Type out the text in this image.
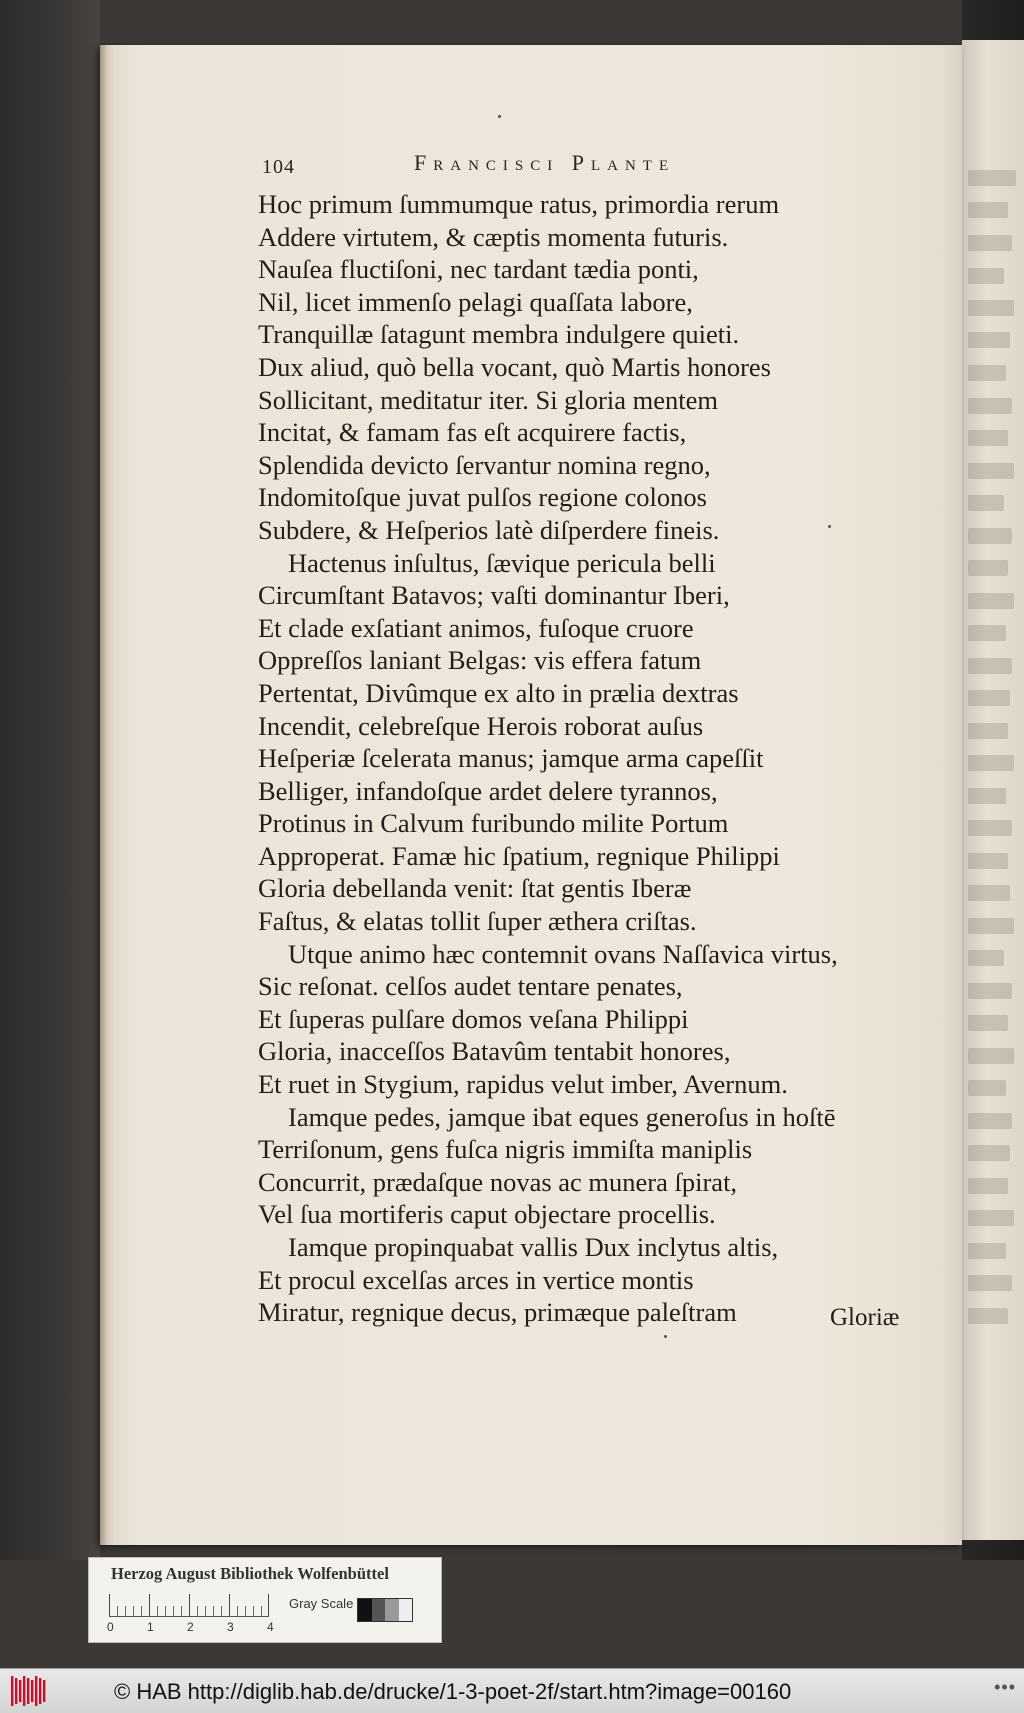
104	Francisci Plante
Hoc primum ſummumque ratus, primordia rerum
Addere virtutem, & cæptis momenta futuris.
Nauſea fluctiſoni, nec tardant tædia ponti,
Nil, licet immenſo pelagi quaſſata labore,
Tranquillæ ſatagunt membra indulgere quieti.
Dux aliud, quò bella vocant, quò Martis honores
Sollicitant, meditatur iter. Si gloria mentem
Incitat, & famam fas eſt acquirere factis,
Splendida devicto ſervantur nomina regno,
Indomitoſque juvat pulſos regione colonos
Subdere, & Heſperios latè diſperdere fineis.
Hactenus inſultus, ſævique pericula belli
Circumſtant Batavos; vaſti dominantur Iberi,
Et clade exſatiant animos, fuſoque cruore
Oppreſſos laniant Belgas: vis effera fatum
Pertentat, Divûmque ex alto in prælia dextras
Incendit, celebreſque Herois roborat auſus
Heſperiæ ſcelerata manus; jamque arma capeſſit
Belliger, infandoſque ardet delere tyrannos,
Protinus in Calvum furibundo milite Portum
Approperat. Famæ hic ſpatium, regnique Philippi
Gloria debellanda venit: ſtat gentis Iberæ
Faſtus, & elatas tollit ſuper æthera criſtas.
Utque animo hæc contemnit ovans Naſſavica virtus,
Sic reſonat. celſos audet tentare penates,
Et ſuperas pulſare domos veſana Philippi
Gloria, inacceſſos Batavûm tentabit honores,
Et ruet in Stygium, rapidus velut imber, Avernum.
Iamque pedes, jamque ibat eques generoſus in hoſtē
Terriſonum, gens fuſca nigris immiſta maniplis
Concurrit, prædaſque novas ac munera ſpirat,
Vel ſua mortiferis caput objectare procellis.
Iamque propinquabat vallis Dux inclytus altis,
Et procul excelſas arces in vertice montis
Miratur, regnique decus, primæque paleſtram	Gloriæ
Herzog August Bibliothek Wolfenbüttel
0	1	2	3	4
Gray Scale
© HAB http://diglib.hab.de/drucke/1-3-poet-2f/start.htm?image=00160	•••
